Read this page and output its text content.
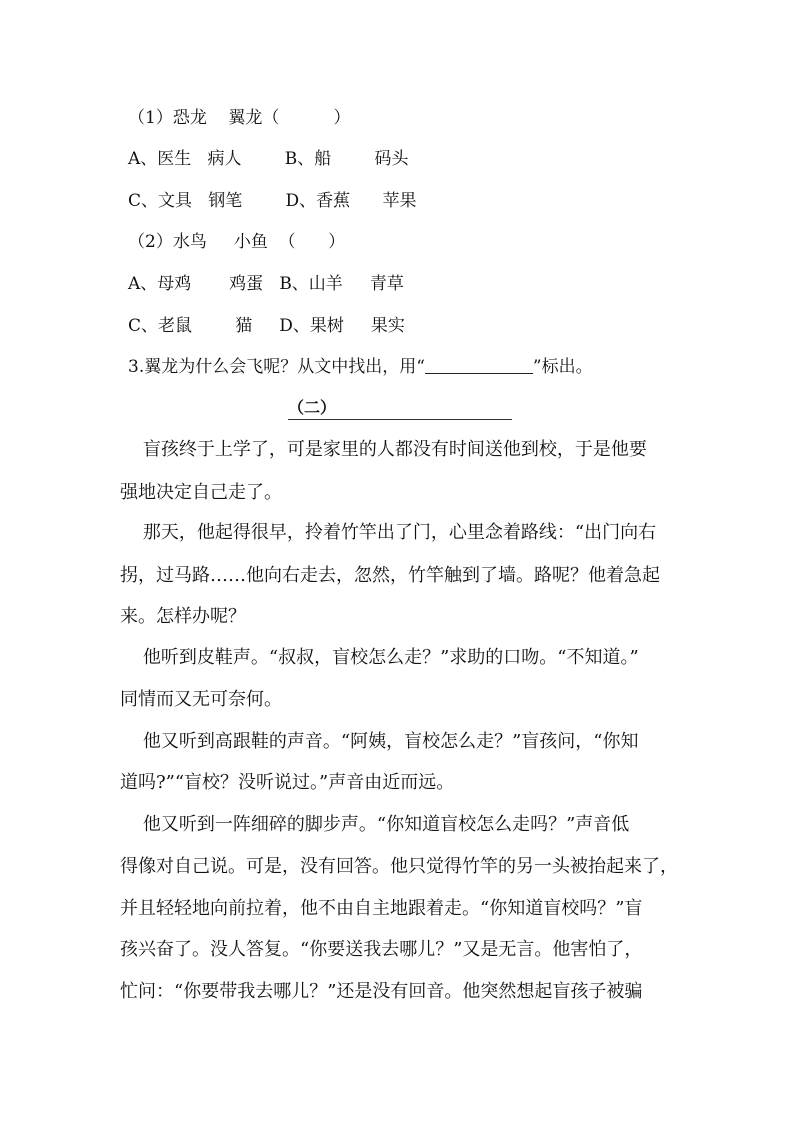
（1）恐龙    翼龙（          ）
A、医生   病人        B、船        码头
C、文具   钢笔        D、香蕉      苹果
（2）水鸟     小鱼  （      ）
A、母鸡       鸡蛋   B、山羊     青草
C、老鼠        猫     D、果树     果实
3.翼龙为什么会飞呢？从文中找出，用“	”标出。
（二）
盲孩终于上学了，可是家里的人都没有时间送他到校，于是他要
强地决定自己走了。
那天，他起得很早，拎着竹竿出了门，心里念着路线：“出门向右
拐，过马路……他向右走去，忽然，竹竿触到了墙。路呢？他着急起
来。怎样办呢？
他听到皮鞋声。“叔叔，盲校怎么走？”求助的口吻。“不知道。”
同情而又无可奈何。
他又听到高跟鞋的声音。“阿姨，盲校怎么走？”盲孩问，“你知
道吗?”“盲校？没听说过。”声音由近而远。
他又听到一阵细碎的脚步声。“你知道盲校怎么走吗？”声音低
得像对自己说。可是，没有回答。他只觉得竹竿的另一头被抬起来了，
并且轻轻地向前拉着，他不由自主地跟着走。“你知道盲校吗？”盲
孩兴奋了。没人答复。“你要送我去哪儿？”又是无言。他害怕了，
忙问：“你要带我去哪儿？”还是没有回音。他突然想起盲孩子被骗
